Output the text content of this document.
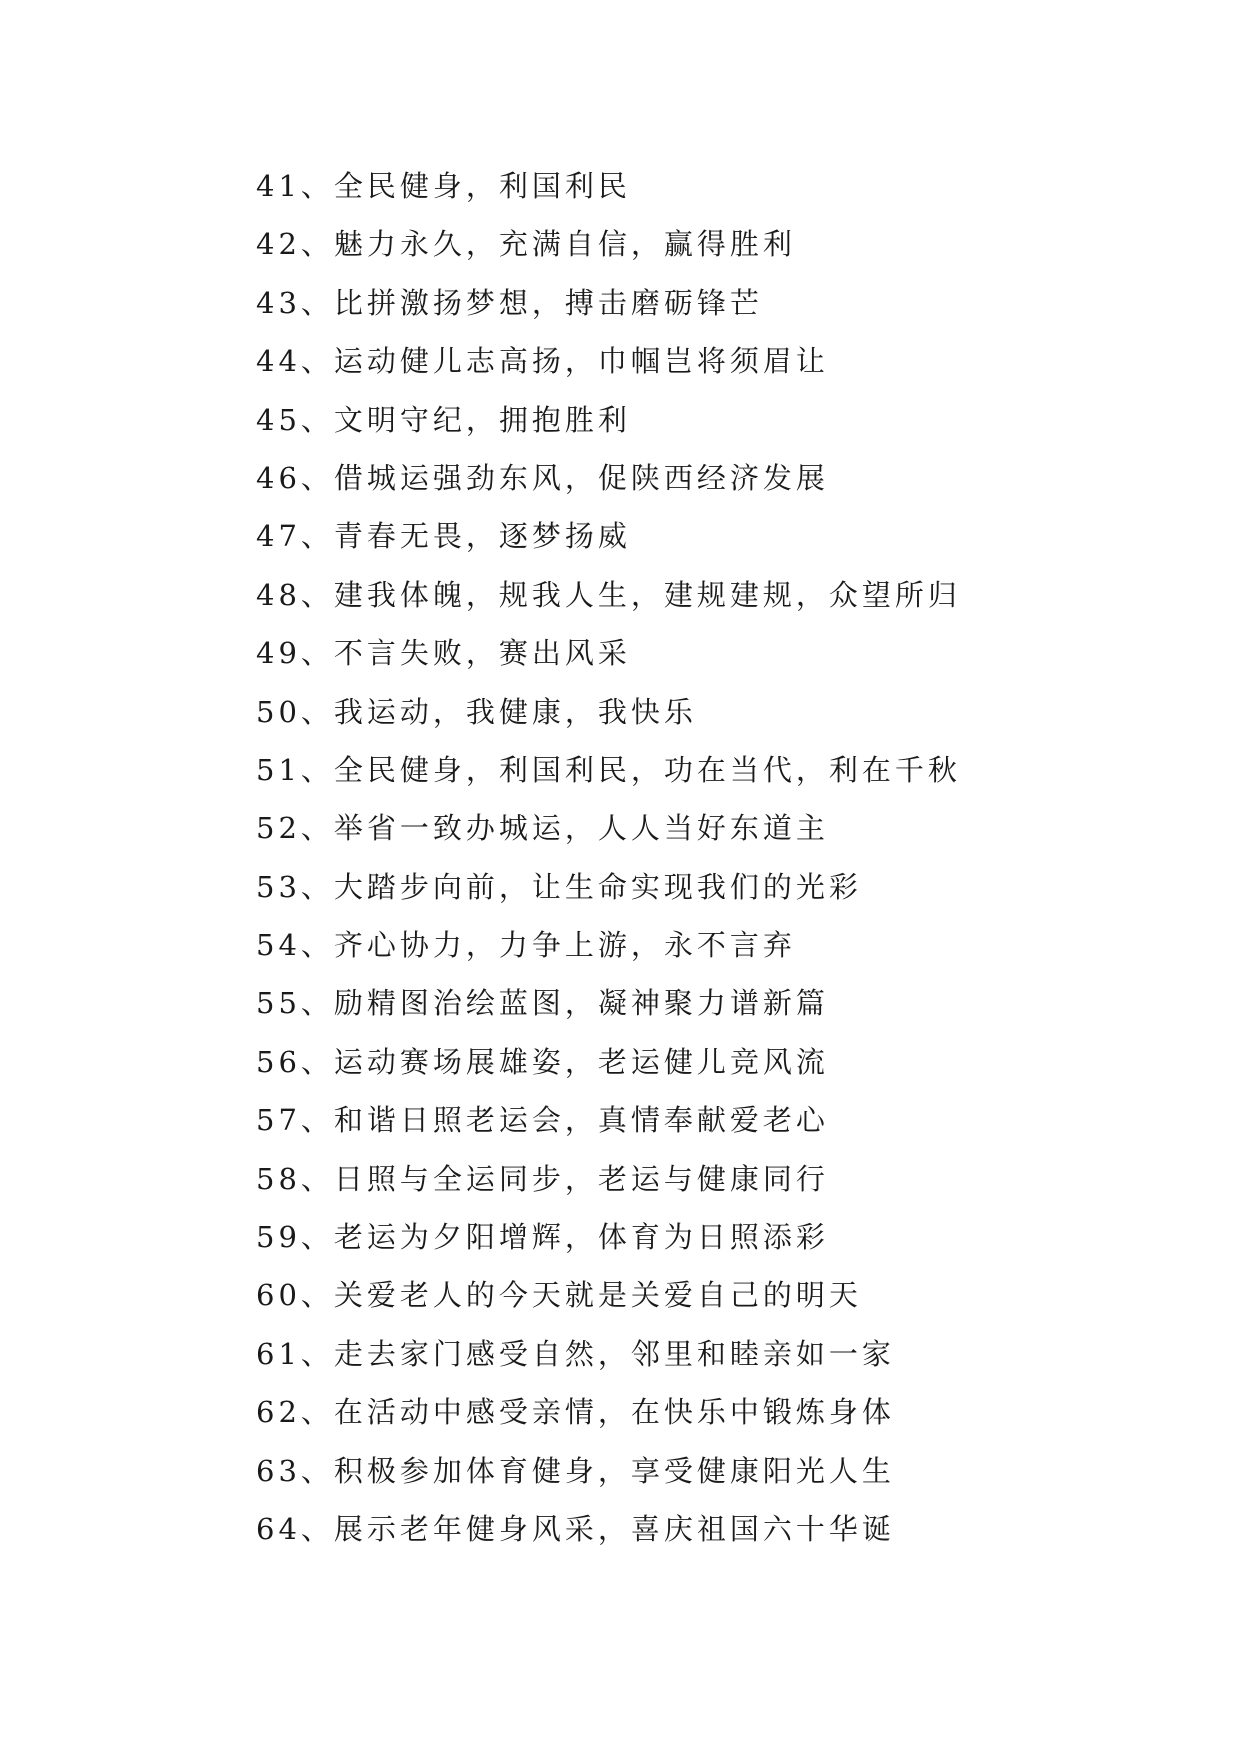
41、全民健身，利国利民
42、魅力永久，充满自信，赢得胜利
43、比拼激扬梦想，搏击磨砺锋芒
44、运动健儿志高扬，巾帼岂将须眉让
45、文明守纪，拥抱胜利
46、借城运强劲东风，促陕西经济发展
47、青春无畏，逐梦扬威
48、建我体魄，规我人生，建规建规，众望所归
49、不言失败，赛出风采
50、我运动，我健康，我快乐
51、全民健身，利国利民，功在当代，利在千秋
52、举省一致办城运，人人当好东道主
53、大踏步向前，让生命实现我们的光彩
54、齐心协力，力争上游，永不言弃
55、励精图治绘蓝图，凝神聚力谱新篇
56、运动赛场展雄姿，老运健儿竞风流
57、和谐日照老运会，真情奉献爱老心
58、日照与全运同步，老运与健康同行
59、老运为夕阳增辉，体育为日照添彩
60、关爱老人的今天就是关爱自己的明天
61、走去家门感受自然，邻里和睦亲如一家
62、在活动中感受亲情，在快乐中锻炼身体
63、积极参加体育健身，享受健康阳光人生
64、展示老年健身风采，喜庆祖国六十华诞
